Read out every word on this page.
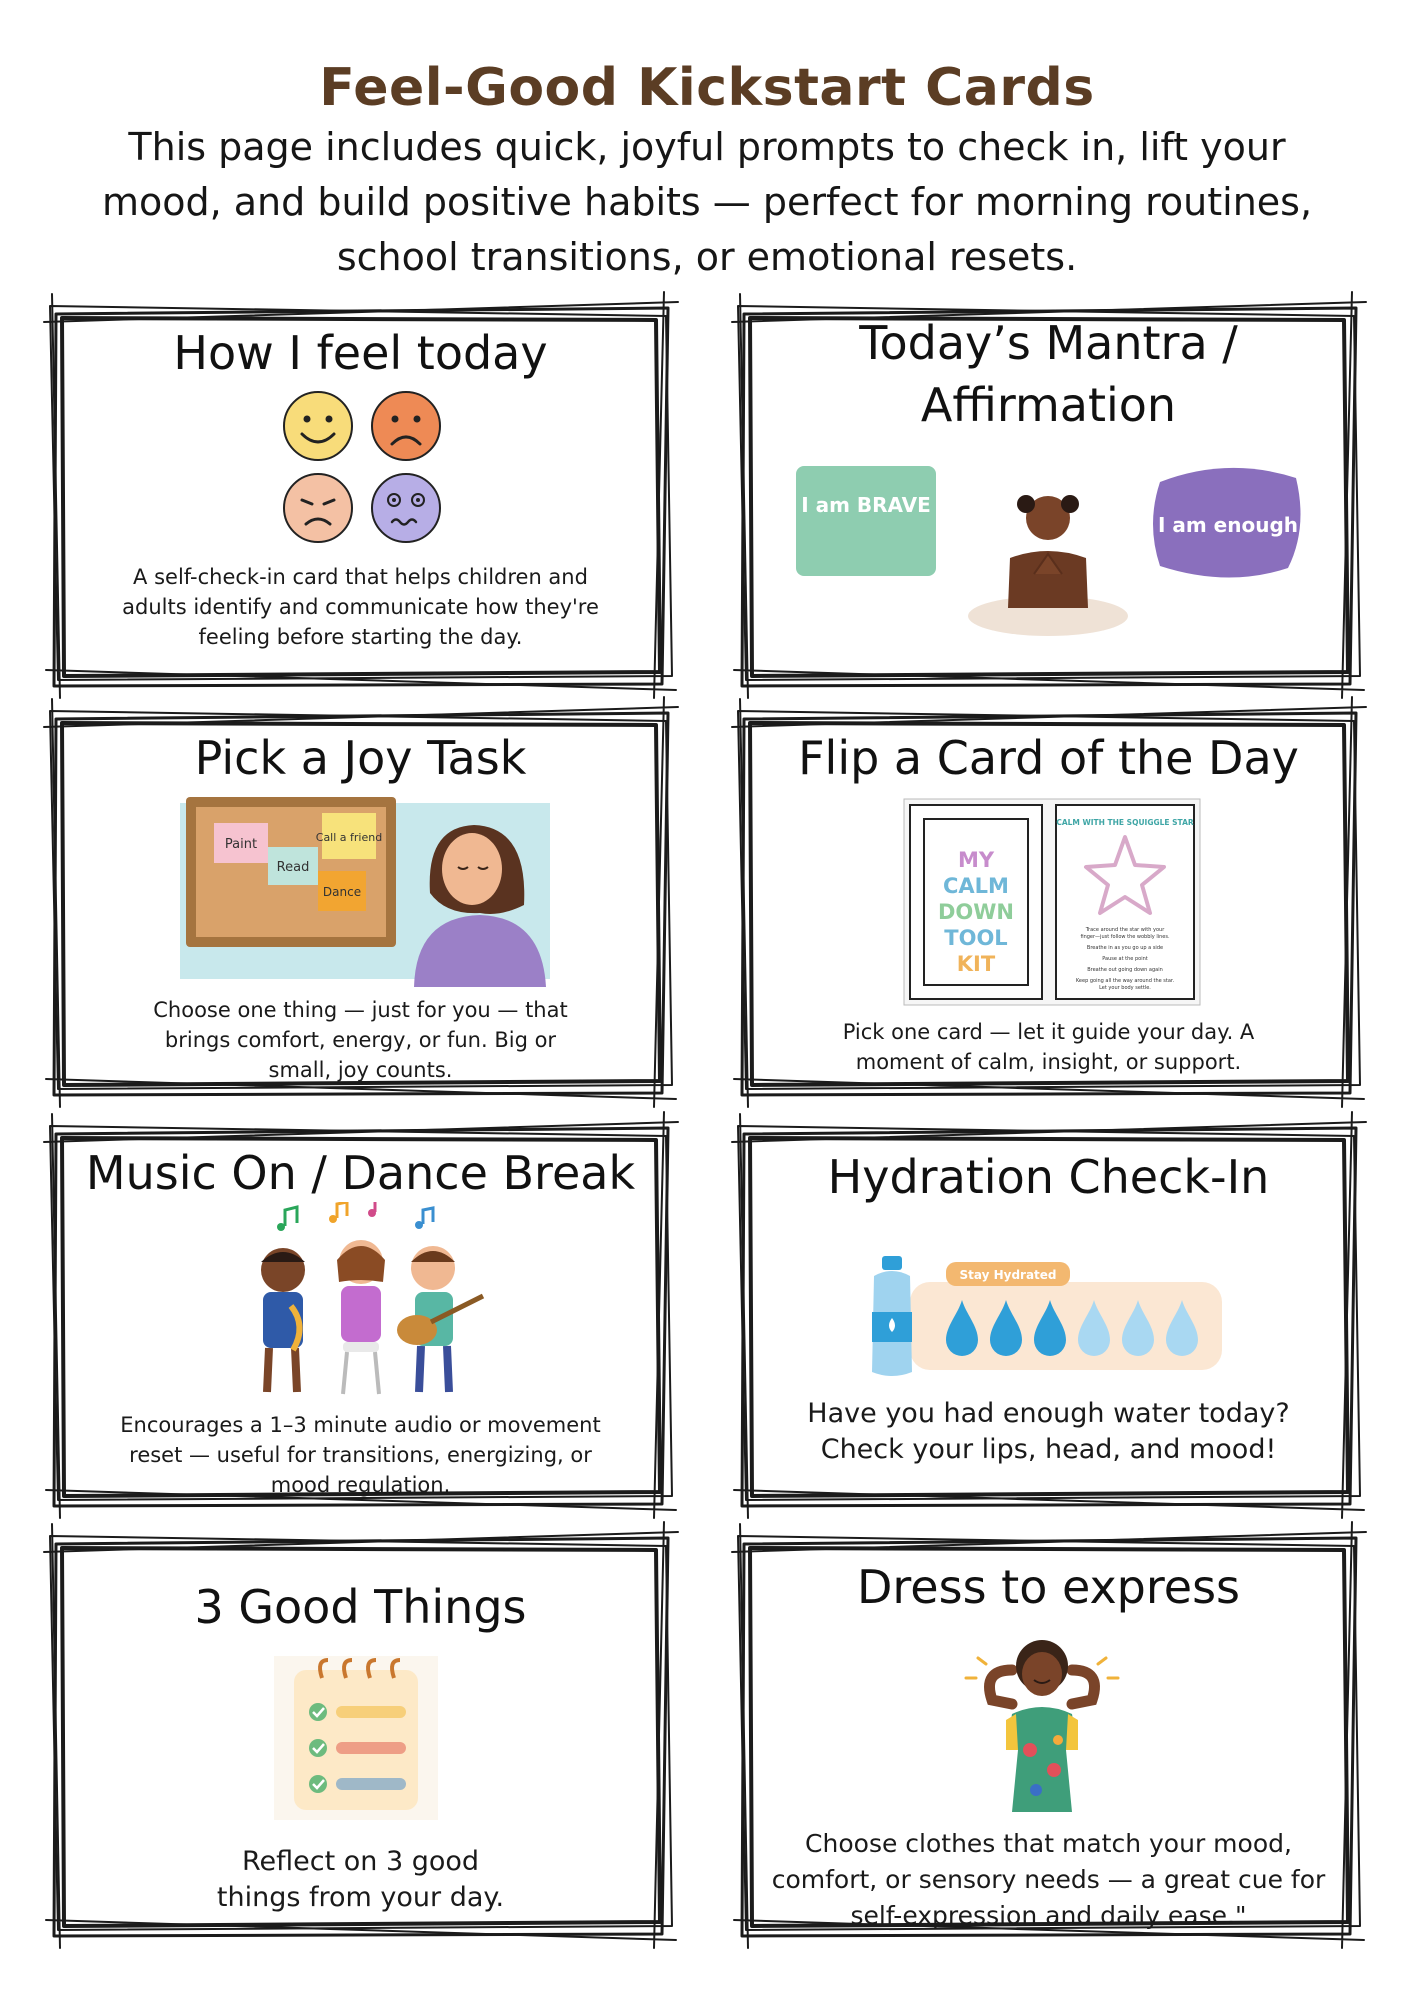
Feel-Good Kickstart Cards
This page includes quick, joyful prompts to check in, lift your mood, and build positive habits — perfect for morning routines, school transitions, or emotional resets.
How I feel today
A self-check-in card that helps children and adults identify and communicate how they're feeling before starting the day.
Today’s Mantra / Affirmation
I am BRAVE
I am enough
Pick a Joy Task
Paint
Read
Call a friend
Dance
Choose one thing — just for you — that brings comfort, energy, or fun. Big or small, joy counts.
Flip a Card of the Day
MY
CALM
DOWN
TOOL
KIT
CALM WITH THE SQUIGGLE STAR
Trace around the star with your
finger—just follow the wobbly lines.
Breathe in as you go up a side
Pause at the point
Breathe out going down again
Keep going all the way around the star.
Let your body settle.
Pick one card — let it guide your day. A moment of calm, insight, or support.
Music On / Dance Break
Encourages a 1–3 minute audio or movement reset — useful for transitions, energizing, or mood regulation.
Hydration Check-In
Stay Hydrated
Have you had enough water today? Check your lips, head, and mood!
3 Good Things
Reflect on 3 good things from your day.
Dress to express
Choose clothes that match your mood, comfort, or sensory needs — a great cue for self-expression and daily ease."
